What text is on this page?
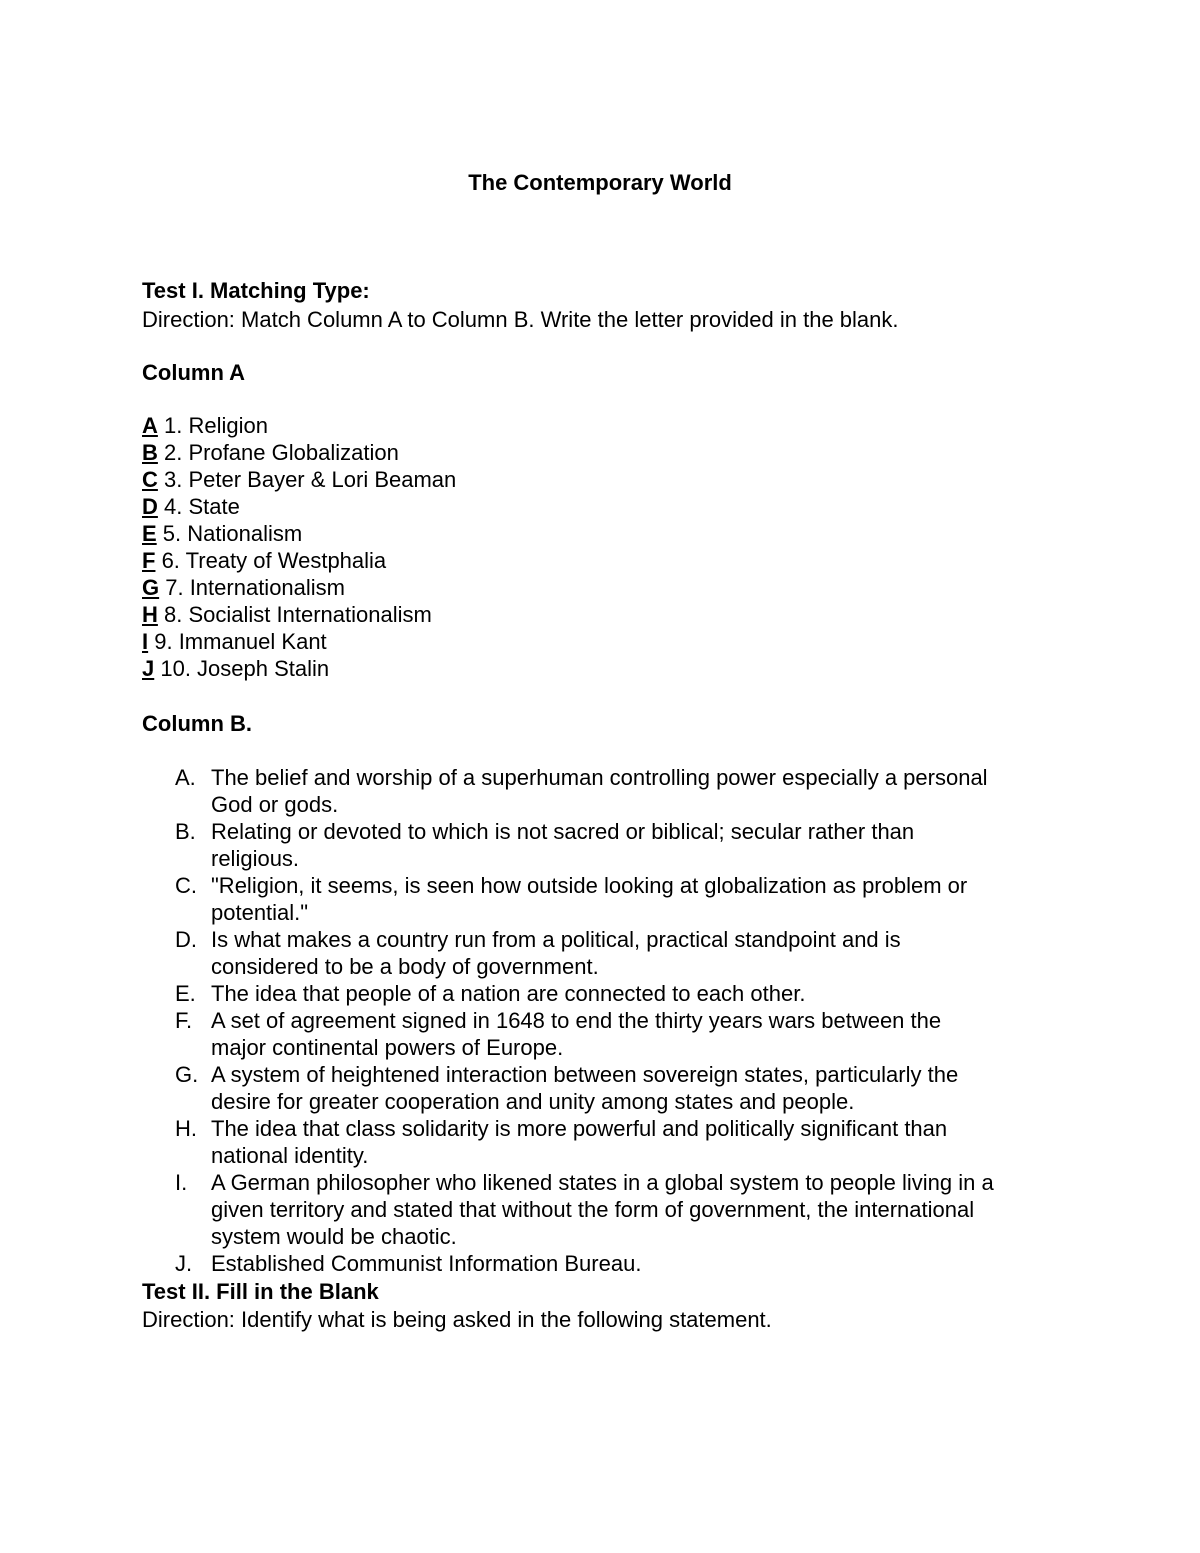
The Contemporary World
Test I. Matching Type:
Direction: Match Column A to Column B. Write the letter provided in the blank.
Column A
A 1. Religion
B 2. Profane Globalization
C 3. Peter Bayer & Lori Beaman
D 4. State
E 5. Nationalism
F 6. Treaty of Westphalia
G 7. Internationalism
H 8. Socialist Internationalism
I 9. Immanuel Kant
J 10. Joseph Stalin
Column B.
A. The belief and worship of a superhuman controlling power especially a personal
God or gods.
B. Relating or devoted to which is not sacred or biblical; secular rather than
religious.
C. "Religion, it seems, is seen how outside looking at globalization as problem or
potential."
D. Is what makes a country run from a political, practical standpoint and is
considered to be a body of government.
E. The idea that people of a nation are connected to each other.
F. A set of agreement signed in 1648 to end the thirty years wars between the
major continental powers of Europe.
G. A system of heightened interaction between sovereign states, particularly the
desire for greater cooperation and unity among states and people.
H. The idea that class solidarity is more powerful and politically significant than
national identity.
I. A German philosopher who likened states in a global system to people living in a
given territory and stated that without the form of government, the international
system would be chaotic.
J. Established Communist Information Bureau.
Test II. Fill in the Blank
Direction: Identify what is being asked in the following statement.
